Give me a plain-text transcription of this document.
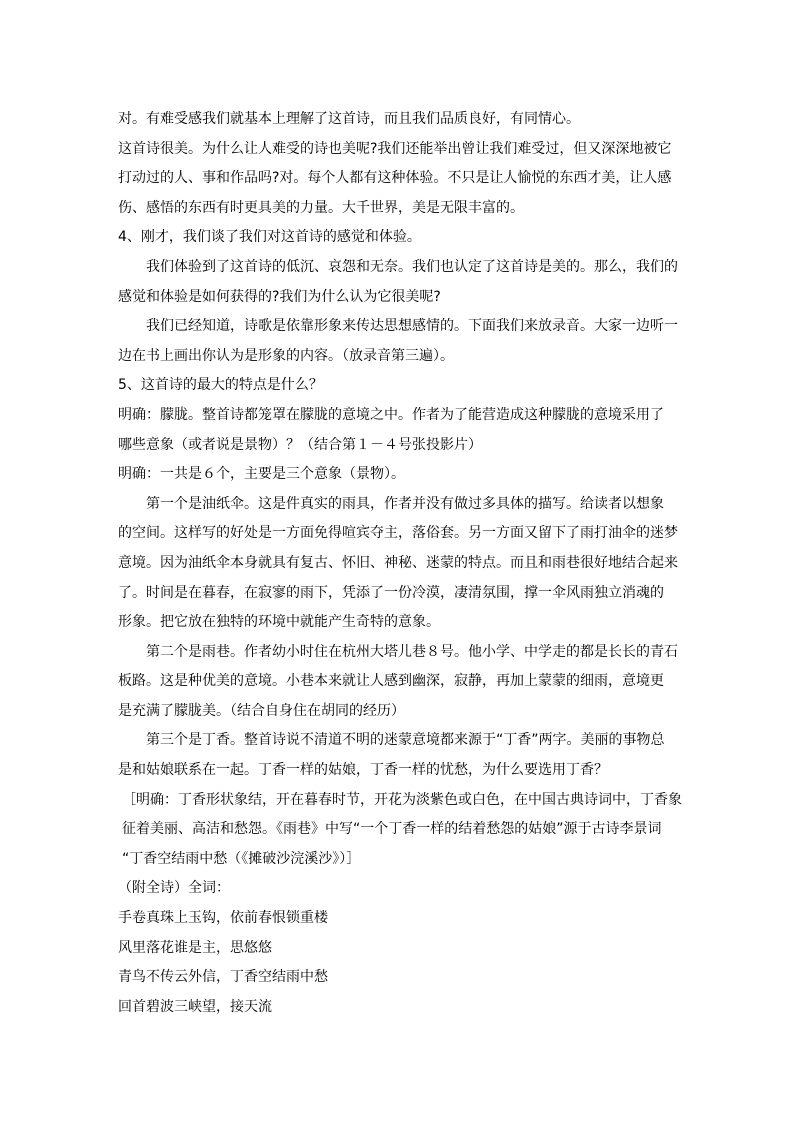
对。有难受感我们就基本上理解了这首诗，而且我们品质良好，有同情心。
这首诗很美。为什么让人难受的诗也美呢?我们还能举出曾让我们难受过，但又深深地被它
打动过的人、事和作品吗?对。每个人都有这种体验。不只是让人愉悦的东西才美，让人感
伤、感悟的东西有时更具美的力量。大千世界，美是无限丰富的。
4、刚才，我们谈了我们对这首诗的感觉和体验。
我们体验到了这首诗的低沉、哀怨和无奈。我们也认定了这首诗是美的。那么，我们的
感觉和体验是如何获得的?我们为什么认为它很美呢?
我们已经知道，诗歌是依靠形象来传达思想感情的。下面我们来放录音。大家一边听一
边在书上画出你认为是形象的内容。（放录音第三遍）。
5、这首诗的最大的特点是什么？
明确：朦胧。整首诗都笼罩在朦胧的意境之中。作者为了能营造成这种朦胧的意境采用了
哪些意象（或者说是景物）？（结合第１－４号张投影片）
明确：一共是６个，主要是三个意象（景物）。
第一个是油纸伞。这是件真实的雨具，作者并没有做过多具体的描写。给读者以想象
的空间。这样写的好处是一方面免得喧宾夺主，落俗套。另一方面又留下了雨打油伞的迷梦
意境。因为油纸伞本身就具有复古、怀旧、神秘、迷蒙的特点。而且和雨巷很好地结合起来
了。时间是在暮春，在寂寥的雨下，凭添了一份冷漠，凄清氛围，撑一伞风雨独立消魂的
形象。把它放在独特的环境中就能产生奇特的意象。
第二个是雨巷。作者幼小时住在杭州大塔儿巷８号。他小学、中学走的都是长长的青石
板路。这是种优美的意境。小巷本来就让人感到幽深，寂静，再加上蒙蒙的细雨，意境更
是充满了朦胧美。（结合自身住在胡同的经历）
第三个是丁香。整首诗说不清道不明的迷蒙意境都来源于“丁香”两字。美丽的事物总
是和姑娘联系在一起。丁香一样的姑娘，丁香一样的忧愁，为什么要选用丁香？
［明确：丁香形状象结，开在暮春时节，开花为淡紫色或白色，在中国古典诗词中，丁香象
征着美丽、高洁和愁怨。《雨巷》中写“一个丁香一样的结着愁怨的姑娘”源于古诗李景词
“丁香空结雨中愁（《摊破沙浣溪沙》）］
（附全诗）全词：
手卷真珠上玉钩，依前春恨锁重楼
风里落花谁是主，思悠悠
青鸟不传云外信，丁香空结雨中愁
回首碧波三峡望，接天流
